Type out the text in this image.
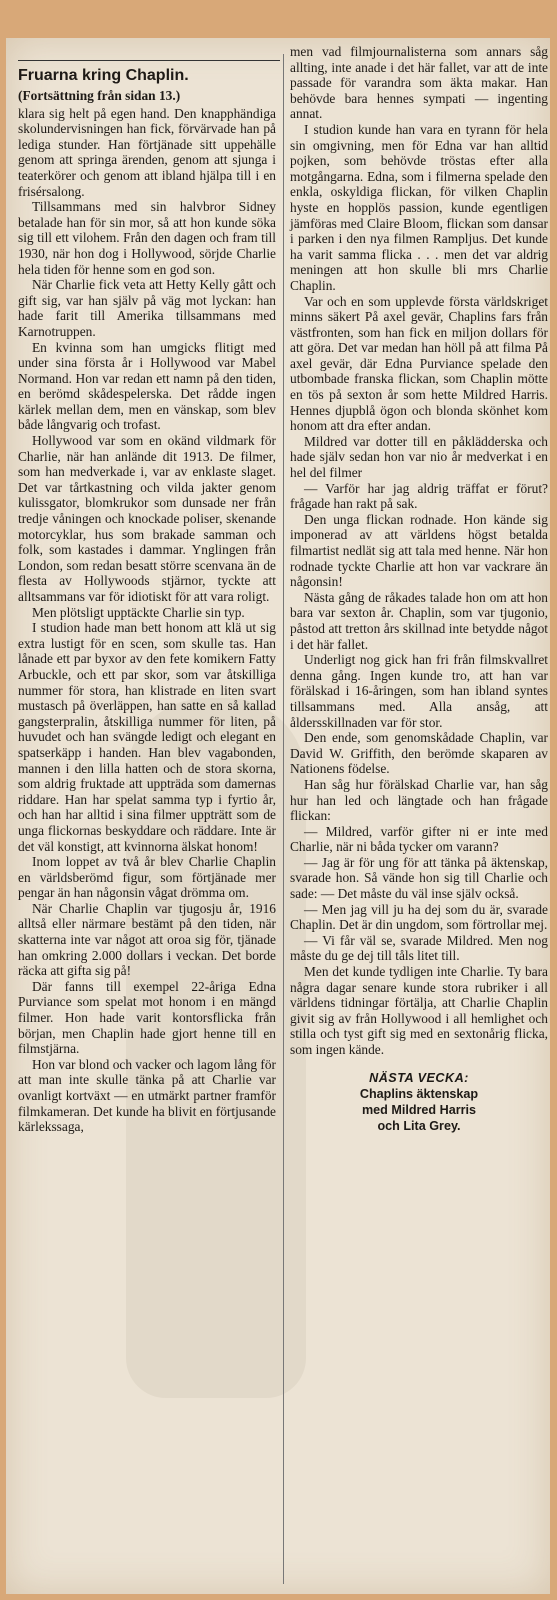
Fruarna kring Chaplin.
(Fortsättning från sidan 13.)

klara sig helt på egen hand. Den knapphändiga skolundervisningen han fick, förvärvade han på lediga stunder. Han förtjänade sitt uppehälle genom att springa ärenden, genom att sjunga i teaterkörer och genom att ibland hjälpa till i en frisérsalong.

Tillsammans med sin halvbror Sidney betalade han för sin mor, så att hon kunde söka sig till ett vilohem. Från den dagen och fram till 1930, när hon dog i Hollywood, sörjde Charlie hela tiden för henne som en god son.

När Charlie fick veta att Hetty Kelly gått och gift sig, var han själv på väg mot lyckan: han hade farit till Amerika tillsammans med Karnotruppen.

En kvinna som han umgicks flitigt med under sina första år i Hollywood var Mabel Normand. Hon var redan ett namn på den tiden, en berömd skådespelerska. Det rådde ingen kärlek mellan dem, men en vänskap, som blev både långvarig och trofast.

Hollywood var som en okänd vildmark för Charlie, när han anlände dit 1913. De filmer, som han medverkade i, var av enklaste slaget. Det var tårtkastning och vilda jakter genom kulissgator, blomkrukor som dunsade ner från tredje våningen och knockade poliser, skenande motorcyklar, hus som brakade samman och folk, som kastades i dammar. Ynglingen från London, som redan besatt större scenvana än de flesta av Hollywoods stjärnor, tyckte att alltsammans var för idiotiskt för att vara roligt.

Men plötsligt upptäckte Charlie sin typ.

I studion hade man bett honom att klä ut sig extra lustigt för en scen, som skulle tas. Han lånade ett par byxor av den fete komikern Fatty Arbuckle, och ett par skor, som var åtskilliga nummer för stora, han klistrade en liten svart mustasch på överläppen, han satte en så kallad gangsterpralin, åtskilliga nummer för liten, på huvudet och han svängde ledigt och elegant en spatserkäpp i handen. Han blev vagabonden, mannen i den lilla hatten och de stora skorna, som aldrig fruktade att uppträda som damernas riddare. Han har spelat samma typ i fyrtio år, och han har alltid i sina filmer uppträtt som de unga flickornas beskyddare och räddare. Inte är det väl konstigt, att kvinnorna älskat honom!

Inom loppet av två år blev Charlie Chaplin en världsberömd figur, som förtjänade mer pengar än han någonsin vågat drömma om.

När Charlie Chaplin var tjugosju år, 1916 alltså eller närmare bestämt på den tiden, när skatterna inte var något att oroa sig för, tjänade han omkring 2.000 dollars i veckan. Det borde räcka att gifta sig på!

Där fanns till exempel 22-åriga Edna Purviance som spelat mot honom i en mängd filmer. Hon hade varit kontorsflicka från början, men Chaplin hade gjort henne till en filmstjärna.

Hon var blond och vacker och lagom lång för att man inte skulle tänka på att Charlie var ovanligt kortväxt — en utmärkt partner framför filmkameran. Det kunde ha blivit en förtjusande kärlekssaga,

men vad filmjournalisterna som annars såg allting, inte anade i det här fallet, var att de inte passade för varandra som äkta makar. Han behövde bara hennes sympati — ingenting annat.

I studion kunde han vara en tyrann för hela sin omgivning, men för Edna var han alltid pojken, som behövde tröstas efter alla motgångarna. Edna, som i filmerna spelade den enkla, oskyldiga flickan, för vilken Chaplin hyste en hopplös passion, kunde egentligen jämföras med Claire Bloom, flickan som dansar i parken i den nya filmen Rampljus. Det kunde ha varit samma flicka . . . men det var aldrig meningen att hon skulle bli mrs Charlie Chaplin.

Var och en som upplevde första världskriget minns säkert På axel gevär, Chaplins fars från västfronten, som han fick en miljon dollars för att göra. Det var medan han höll på att filma På axel gevär, där Edna Purviance spelade den utbombade franska flickan, som Chaplin mötte en tös på sexton år som hette Mildred Harris. Hennes djupblå ögon och blonda skönhet kom honom att dra efter andan.

Mildred var dotter till en påklädderska och hade själv sedan hon var nio år medverkat i en hel del filmer

— Varför har jag aldrig träffat er förut? frågade han rakt på sak.

Den unga flickan rodnade. Hon kände sig imponerad av att världens högst betalda filmartist nedlät sig att tala med henne. När hon rodnade tyckte Charlie att hon var vackrare än någonsin!

Nästa gång de råkades talade hon om att hon bara var sexton år. Chaplin, som var tjugonio, påstod att tretton års skillnad inte betydde något i det här fallet.

Underligt nog gick han fri från filmskvallret denna gång. Ingen kunde tro, att han var förälskad i 16-åringen, som han ibland syntes tillsammans med. Alla ansåg, att åldersskillnaden var för stor.

Den ende, som genomskådade Chaplin, var David W. Griffith, den berömde skaparen av Nationens födelse.

Han såg hur förälskad Charlie var, han såg hur han led och längtade och han frågade flickan:

— Mildred, varför gifter ni er inte med Charlie, när ni båda tycker om varann?

— Jag är för ung för att tänka på äktenskap, svarade hon. Så vände hon sig till Charlie och sade: — Det måste du väl inse själv också.

— Men jag vill ju ha dej som du är, svarade Chaplin. Det är din ungdom, som förtrollar mej.

— Vi får väl se, svarade Mildred. Men nog måste du ge dej till tåls litet till.

Men det kunde tydligen inte Charlie. Ty bara några dagar senare kunde stora rubriker i all världens tidningar förtälja, att Charlie Chaplin givit sig av från Hollywood i all hemlighet och stilla och tyst gift sig med en sextonårig flicka, som ingen kände.

NÄSTA VECKA:
Chaplins äktenskap
med Mildred Harris
och Lita Grey.
